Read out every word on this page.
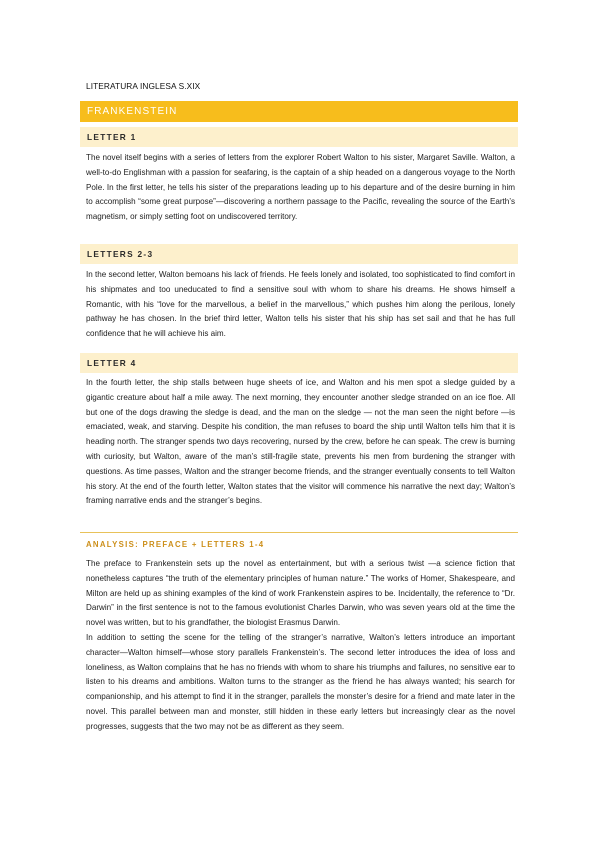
LITERATURA INGLESA S.XIX
FRANKENSTEIN
LETTER 1
The novel itself begins with a series of letters from the explorer Robert Walton to his sister, Margaret Saville. Walton, a well-to-do Englishman with a passion for seafaring, is the captain of a ship headed on a dangerous voyage to the North Pole. In the first letter, he tells his sister of the preparations leading up to his departure and of the desire burning in him to accomplish “some great purpose”—discovering a northern passage to the Pacific, revealing the source of the Earth’s magnetism, or simply setting foot on undiscovered territory.
LETTERS 2-3
In the second letter, Walton bemoans his lack of friends. He feels lonely and isolated, too sophisticated to find comfort in his shipmates and too uneducated to find a sensitive soul with whom to share his dreams. He shows himself a Romantic, with his “love for the marvellous, a belief in the marvellous,” which pushes him along the perilous, lonely pathway he has chosen. In the brief third letter, Walton tells his sister that his ship has set sail and that he has full confidence that he will achieve his aim.
LETTER 4
In the fourth letter, the ship stalls between huge sheets of ice, and Walton and his men spot a sledge guided by a gigantic creature about half a mile away. The next morning, they encounter another sledge stranded on an ice floe. All but one of the dogs drawing the sledge is dead, and the man on the sledge — not the man seen the night before —is emaciated, weak, and starving. Despite his condition, the man refuses to board the ship until Walton tells him that it is heading north. The stranger spends two days recovering, nursed by the crew, before he can speak. The crew is burning with curiosity, but Walton, aware of the man’s still-fragile state, prevents his men from burdening the stranger with questions. As time passes, Walton and the stranger become friends, and the stranger eventually consents to tell Walton his story. At the end of the fourth letter, Walton states that the visitor will commence his narrative the next day; Walton’s framing narrative ends and the stranger’s begins.
ANALYSIS: PREFACE + LETTERS 1-4
The preface to Frankenstein sets up the novel as entertainment, but with a serious twist —a science fiction that nonetheless captures “the truth of the elementary principles of human nature.” The works of Homer, Shakespeare, and Milton are held up as shining examples of the kind of work Frankenstein aspires to be. Incidentally, the reference to “Dr. Darwin” in the first sentence is not to the famous evolutionist Charles Darwin, who was seven years old at the time the novel was written, but to his grandfather, the biologist Erasmus Darwin.
In addition to setting the scene for the telling of the stranger’s narrative, Walton’s letters introduce an important character—Walton himself—whose story parallels Frankenstein’s. The second letter introduces the idea of loss and loneliness, as Walton complains that he has no friends with whom to share his triumphs and failures, no sensitive ear to listen to his dreams and ambitions. Walton turns to the stranger as the friend he has always wanted; his search for companionship, and his attempt to find it in the stranger, parallels the monster’s desire for a friend and mate later in the novel. This parallel between man and monster, still hidden in these early letters but increasingly clear as the novel progresses, suggests that the two may not be as different as they seem.
